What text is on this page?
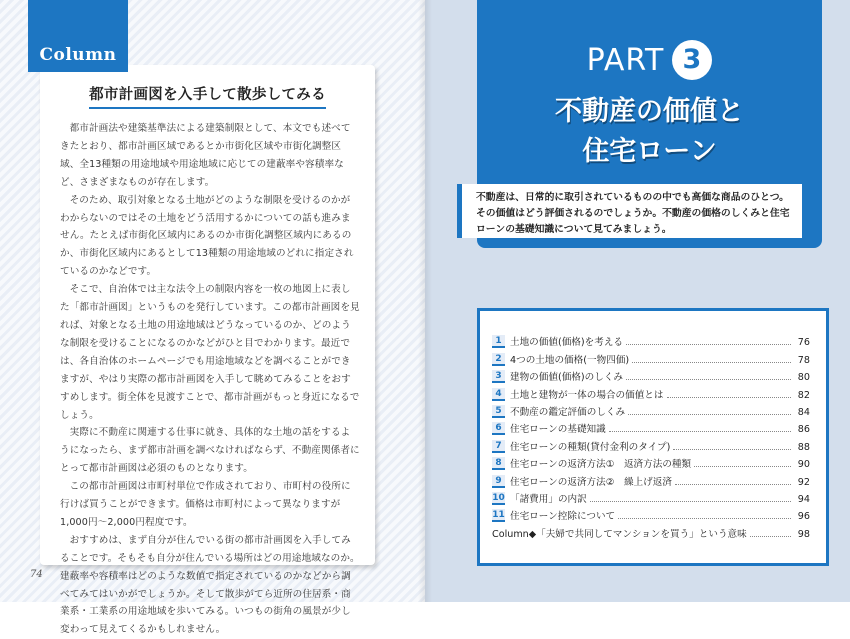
都市計画図を入手して散歩してみる

都市計画法や建築基準法による建築制限として、本文でも述べてきたとおり、都市計画区域であるとか市街化区域や市街化調整区域、全13種類の用途地域や用途地域に応じての建蔽率や容積率など、さまざまなものが存在します。

そのため、取引対象となる土地がどのような制限を受けるのかがわからないのではその土地をどう活用するかについての話も進みません。たとえば市街化区域内にあるのか市街化調整区域内にあるのか、市街化区域内にあるとして13種類の用途地域のどれに指定されているのかなどです。

そこで、自治体では主な法令上の制限内容を一枚の地図上に表した「都市計画図」というものを発行しています。この都市計画図を見れば、対象となる土地の用途地域はどうなっているのか、どのような制限を受けることになるのかなどがひと目でわかります。最近では、各自治体のホームページでも用途地域などを調べることができますが、やはり実際の都市計画図を入手して眺めてみることをおすすめします。街全体を見渡すことで、都市計画がもっと身近になるでしょう。

実際に不動産に関連する仕事に就き、具体的な土地の話をするようになったら、まず都市計画を調べなければならず、不動産関係者にとって都市計画図は必須のものとなります。

この都市計画図は市町村単位で作成されており、市町村の役所に行けば買うことができます。価格は市町村によって異なりますが1,000円～2,000円程度です。

おすすめは、まず自分が住んでいる街の都市計画図を入手してみることです。そもそも自分が住んでいる場所はどの用途地域なのか。建蔽率や容積率はどのような数値で指定されているのかなどから調べてみてはいかがでしょうか。そして散歩がてら近所の住居系・商業系・工業系の用途地域を歩いてみる。いつもの街角の風景が少し変わって見えてくるかもしれません。

Column
74
PART 3
不動産の価値と
住宅ローン
不動産は、日常的に取引されているものの中でも高価な商品のひとつ。その価値はどう評価されるのでしょうか。不動産の価格のしくみと住宅ローンの基礎知識について見てみましょう。
1 土地の価値(価格)を考える	76
2 4つの土地の価格(一物四価)	78
3 建物の価値(価格)のしくみ	80
4 土地と建物が一体の場合の価値とは	82
5 不動産の鑑定評価のしくみ	84
6 住宅ローンの基礎知識	86
7 住宅ローンの種類(貸付金利のタイプ)	88
8 住宅ローンの返済方法①　返済方法の種類	90
9 住宅ローンの返済方法②　繰上げ返済	92
10 「諸費用」の内訳	94
11 住宅ローン控除について	96
Column◆「夫婦で共同してマンションを買う」という意味	98
